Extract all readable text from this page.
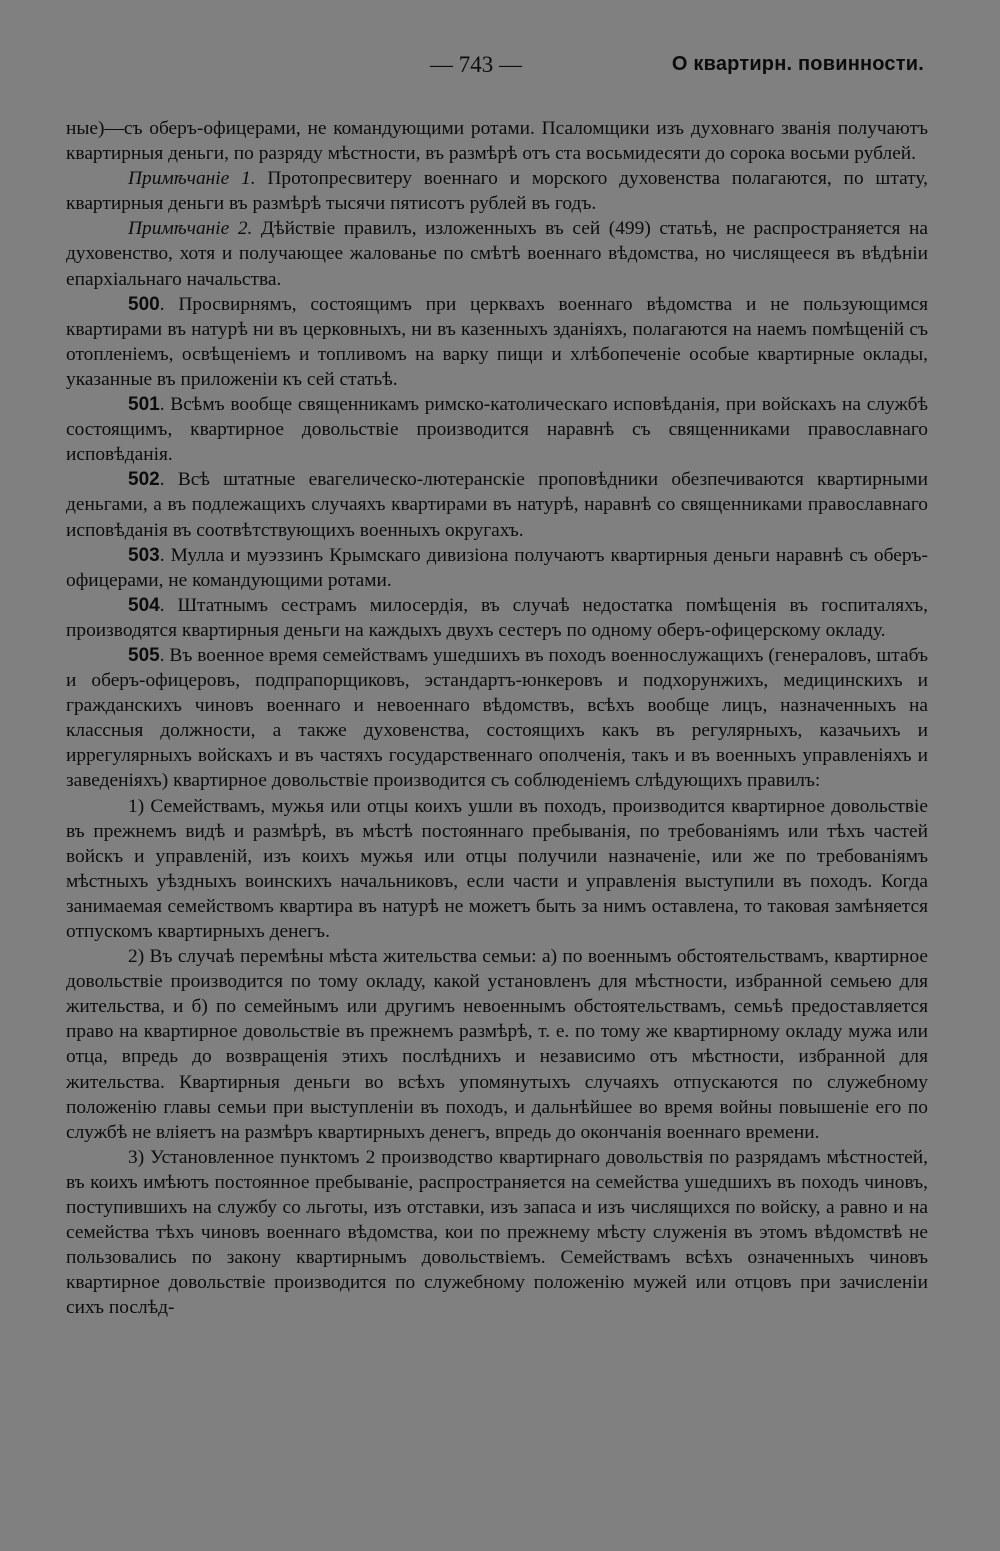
— 743 —	О квартирн. повинности.

ные)—съ оберъ-офицерами, не командующими ротами. Псаломщики изъ духовнаго званія получаютъ квартирныя деньги, по разряду мѣстности, въ размѣрѣ отъ ста восьмидесяти до сорока восьми рублей.

Примѣчаніе 1. Протопресвитеру военнаго и морского духовенства полагаются, по штату, квартирныя деньги въ размѣрѣ тысячи пятисотъ рублей въ годъ.

Примѣчаніе 2. Дѣйствіе правилъ, изложенныхъ въ сей (499) статьѣ, не распространяется на духовенство, хотя и получающее жалованье по смѣтѣ военнаго вѣдомства, но числящееся въ вѣдѣніи епархіальнаго начальства.

500. Просвирнямъ, состоящимъ при церквахъ военнаго вѣдомства и не пользующимся квартирами въ натурѣ ни въ церковныхъ, ни въ казенныхъ зданіяхъ, полагаются на наемъ помѣщеній съ отопленіемъ, освѣщеніемъ и топливомъ на варку пищи и хлѣбопеченіе особые квартирные оклады, указанные въ приложеніи къ сей статьѣ.

501. Всѣмъ вообще священникамъ римско-католическаго исповѣданія, при войскахъ на службѣ состоящимъ, квартирное довольствіе производится наравнѣ съ священниками православнаго исповѣданія.

502. Всѣ штатные евагелическо-лютеранскіе проповѣдники обезпечиваются квартирными деньгами, а въ подлежащихъ случаяхъ квартирами въ натурѣ, наравнѣ со священниками православнаго исповѣданія въ соотвѣтствующихъ военныхъ округахъ.

503. Мулла и муэззинъ Крымскаго дивизіона получаютъ квартирныя деньги наравнѣ съ оберъ-офицерами, не командующими ротами.

504. Штатнымъ сестрамъ милосердія, въ случаѣ недостатка помѣщенія въ госпиталяхъ, производятся квартирныя деньги на каждыхъ двухъ сестеръ по одному оберъ-офицерскому окладу.

505. Въ военное время семействамъ ушедшихъ въ походъ военнослужащихъ (генераловъ, штабъ и оберъ-офицеровъ, подпрапорщиковъ, эстандартъ-юнкеровъ и подхорунжихъ, медицинскихъ и гражданскихъ чиновъ военнаго и невоеннаго вѣдомствъ, всѣхъ вообще лицъ, назначенныхъ на классныя должности, а также духовенства, состоящихъ какъ въ регулярныхъ, казачьихъ и иррегулярныхъ войскахъ и въ частяхъ государственнаго ополченія, такъ и въ военныхъ управленіяхъ и заведеніяхъ) квартирное довольствіе производится съ соблюденіемъ слѣдующихъ правилъ:

1) Семействамъ, мужья или отцы коихъ ушли въ походъ, производится квартирное довольствіе въ прежнемъ видѣ и размѣрѣ, въ мѣстѣ постояннаго пребыванія, по требованіямъ или тѣхъ частей войскъ и управленій, изъ коихъ мужья или отцы получили назначеніе, или же по требованіямъ мѣстныхъ уѣздныхъ воинскихъ начальниковъ, если части и управленія выступили въ походъ. Когда занимаемая семействомъ квартира въ натурѣ не можетъ быть за нимъ оставлена, то таковая замѣняется отпускомъ квартирныхъ денегъ.

2) Въ случаѣ перемѣны мѣста жительства семьи: а) по военнымъ обстоятельствамъ, квартирное довольствіе производится по тому окладу, какой установленъ для мѣстности, избранной семьею для жительства, и б) по семейнымъ или другимъ невоеннымъ обстоятельствамъ, семьѣ предоставляется право на квартирное довольствіе въ прежнемъ размѣрѣ, т. е. по тому же квартирному окладу мужа или отца, впредь до возвращенія этихъ послѣднихъ и независимо отъ мѣстности, избранной для жительства. Квартирныя деньги во всѣхъ упомянутыхъ случаяхъ отпускаются по служебному положенію главы семьи при выступленіи въ походъ, и дальнѣйшее во время войны повышеніе его по службѣ не вліяетъ на размѣръ квартирныхъ денегъ, впредь до окончанія военнаго времени.

3) Установленное пунктомъ 2 производство квартирнаго довольствія по разрядамъ мѣстностей, въ коихъ имѣютъ постоянное пребываніе, распространяется на семейства ушедшихъ въ походъ чиновъ, поступившихъ на службу со льготы, изъ отставки, изъ запаса и изъ числящихся по войску, а равно и на семейства тѣхъ чиновъ военнаго вѣдомства, кои по прежнему мѣсту служенія въ этомъ вѣдомствѣ не пользовались по закону квартирнымъ довольствіемъ. Семействамъ всѣхъ означенныхъ чиновъ квартирное довольствіе производится по служебному положенію мужей или отцовъ при зачисленіи сихъ послѣд-
